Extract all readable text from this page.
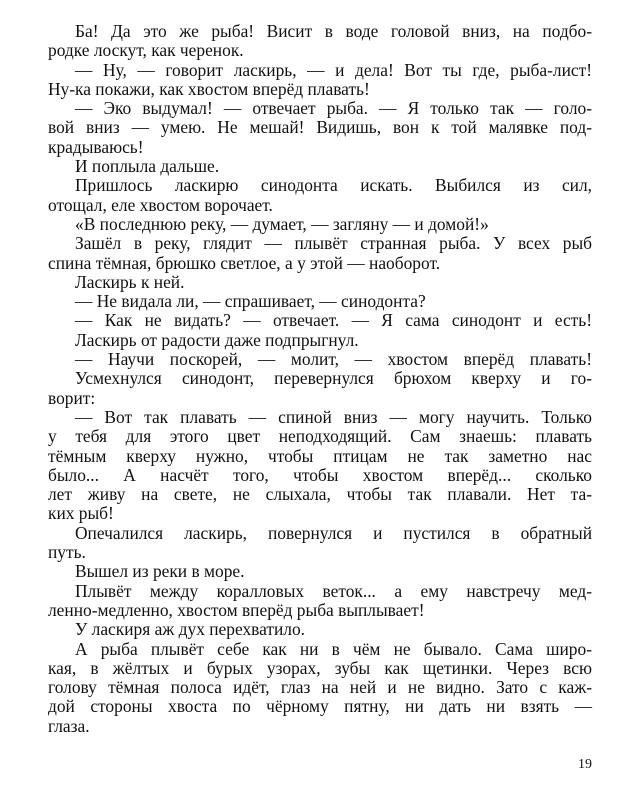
Ба! Да это же рыба! Висит в воде головой вниз, на подбо-
родке лоскут, как черенок.
— Ну, — говорит ласкирь, — и дела! Вот ты где, рыба-лист!
Ну-ка покажи, как хвостом вперёд плавать!
— Эко выдумал! — отвечает рыба. — Я только так — голо-
вой вниз — умею. Не мешай! Видишь, вон к той малявке под-
крадываюсь!
И поплыла дальше.
Пришлось ласкирю синодонта искать. Выбился из сил,
отощал, еле хвостом ворочает.
«В последнюю реку, — думает, — загляну — и домой!»
Зашёл в реку, глядит — плывёт странная рыба. У всех рыб
спина тёмная, брюшко светлое, а у этой — наоборот.
Ласкирь к ней.
— Не видала ли, — спрашивает, — синодонта?
— Как не видать? — отвечает. — Я сама синодонт и есть!
Ласкирь от радости даже подпрыгнул.
— Научи поскорей, — молит, — хвостом вперёд плавать!
Усмехнулся синодонт, перевернулся брюхом кверху и го-
ворит:
— Вот так плавать — спиной вниз — могу научить. Только
у тебя для этого цвет неподходящий. Сам знаешь: плавать
тёмным кверху нужно, чтобы птицам не так заметно нас
было... А насчёт того, чтобы хвостом вперёд... сколько
лет живу на свете, не слыхала, чтобы так плавали. Нет та-
ких рыб!
Опечалился ласкирь, повернулся и пустился в обратный
путь.
Вышел из реки в море.
Плывёт между коралловых веток... а ему навстречу мед-
ленно-медленно, хвостом вперёд рыба выплывает!
У ласкиря аж дух перехватило.
А рыба плывёт себе как ни в чём не бывало. Сама широ-
кая, в жёлтых и бурых узорах, зубы как щетинки. Через всю
голову тёмная полоса идёт, глаз на ней и не видно. Зато с каж-
дой стороны хвоста по чёрному пятну, ни дать ни взять —
глаза.
19
